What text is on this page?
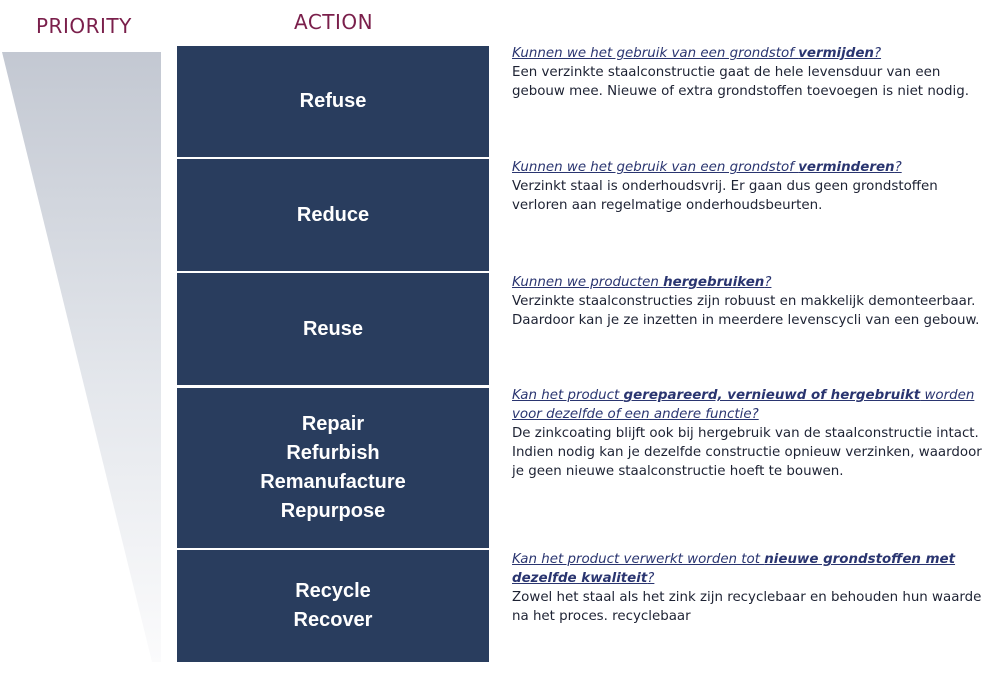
PRIORITY	ACTION
Refuse
Reduce
Reuse
Repair
Refurbish
Remanufacture
Repurpose
Recycle
Recover
Kunnen we het gebruik van een grondstof vermijden?
Een verzinkte staalconstructie gaat de hele levensduur van een gebouw mee. Nieuwe of extra grondstoffen toevoegen is niet nodig.
Kunnen we het gebruik van een grondstof verminderen?
Verzinkt staal is onderhoudsvrij. Er gaan dus geen grondstoffen verloren aan regelmatige onderhoudsbeurten.
Kunnen we producten hergebruiken?
Verzinkte staalconstructies zijn robuust en makkelijk demonteerbaar. Daardoor kan je ze inzetten in meerdere levenscycli van een gebouw.
Kan het product gerepareerd, vernieuwd of hergebruikt worden voor dezelfde of een andere functie?
De zinkcoating blijft ook bij hergebruik van de staalconstructie intact. Indien nodig kan je dezelfde constructie opnieuw verzinken, waardoor je geen nieuwe staalconstructie hoeft te bouwen.
Kan het product verwerkt worden tot nieuwe grondstoffen met dezelfde kwaliteit?
Zowel het staal als het zink zijn recyclebaar en behouden hun waarde na het proces. recyclebaar
